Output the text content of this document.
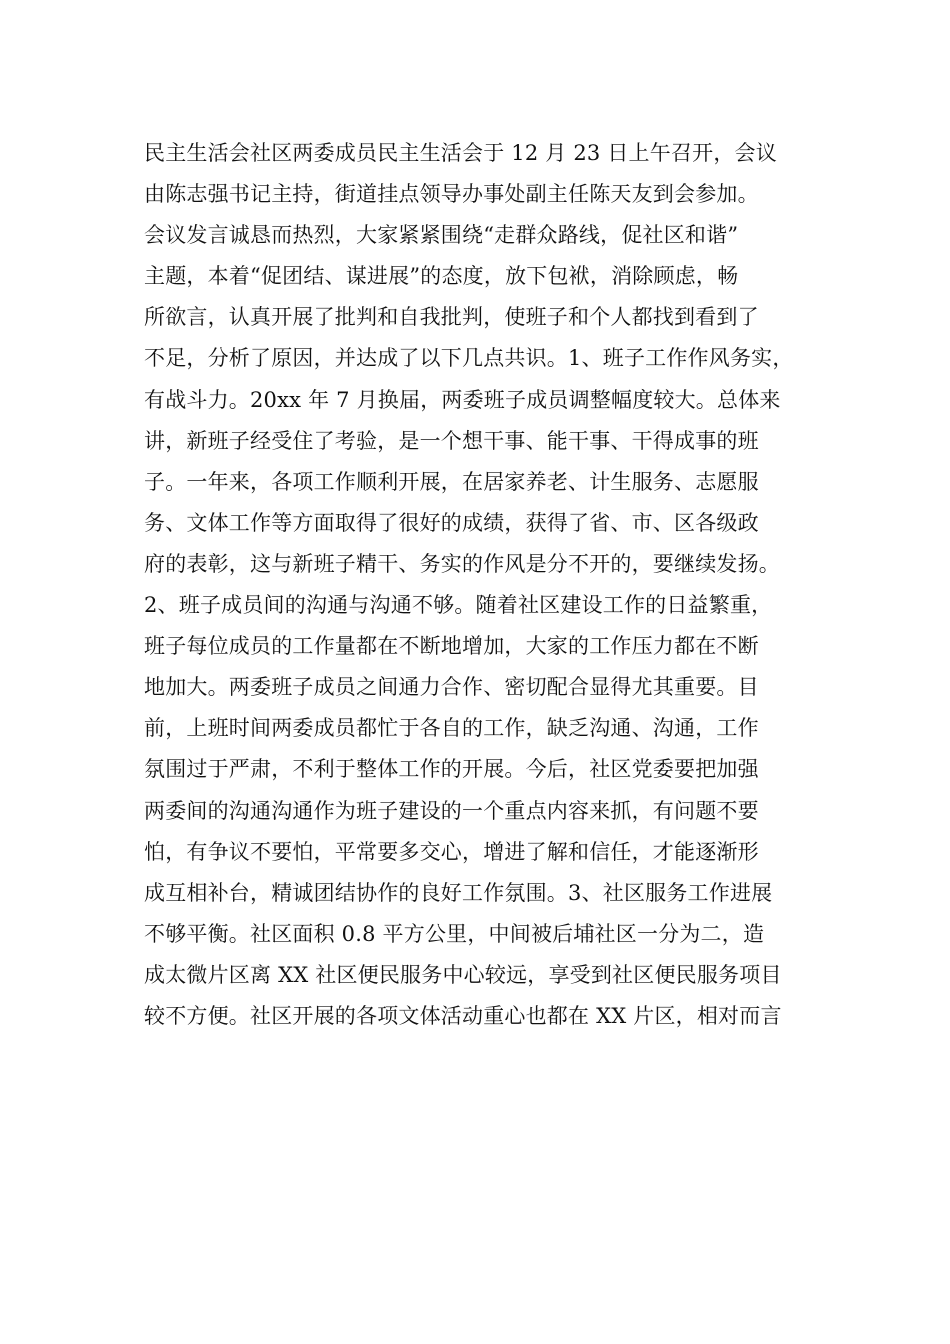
民主生活会社区两委成员民主生活会于 12 月 23 日上午召开，会议
由陈志强书记主持，街道挂点领导办事处副主任陈天友到会参加。
会议发言诚恳而热烈，大家紧紧围绕“走群众路线，促社区和谐”
主题，本着“促团结、谋进展”的态度，放下包袱，消除顾虑，畅
所欲言，认真开展了批判和自我批判，使班子和个人都找到看到了
不足，分析了原因，并达成了以下几点共识。1、班子工作作风务实，
有战斗力。20xx 年 7 月换届，两委班子成员调整幅度较大。总体来
讲，新班子经受住了考验，是一个想干事、能干事、干得成事的班
子。一年来，各项工作顺利开展，在居家养老、计生服务、志愿服
务、文体工作等方面取得了很好的成绩，获得了省、市、区各级政
府的表彰，这与新班子精干、务实的作风是分不开的，要继续发扬。
2、班子成员间的沟通与沟通不够。随着社区建设工作的日益繁重，
班子每位成员的工作量都在不断地增加，大家的工作压力都在不断
地加大。两委班子成员之间通力合作、密切配合显得尤其重要。目
前，上班时间两委成员都忙于各自的工作，缺乏沟通、沟通，工作
氛围过于严肃，不利于整体工作的开展。今后，社区党委要把加强
两委间的沟通沟通作为班子建设的一个重点内容来抓，有问题不要
怕，有争议不要怕，平常要多交心，增进了解和信任，才能逐渐形
成互相补台，精诚团结协作的良好工作氛围。3、社区服务工作进展
不够平衡。社区面积 0.8 平方公里，中间被后埔社区一分为二，造
成太微片区离 XX 社区便民服务中心较远，享受到社区便民服务项目
较不方便。社区开展的各项文体活动重心也都在 XX 片区，相对而言
